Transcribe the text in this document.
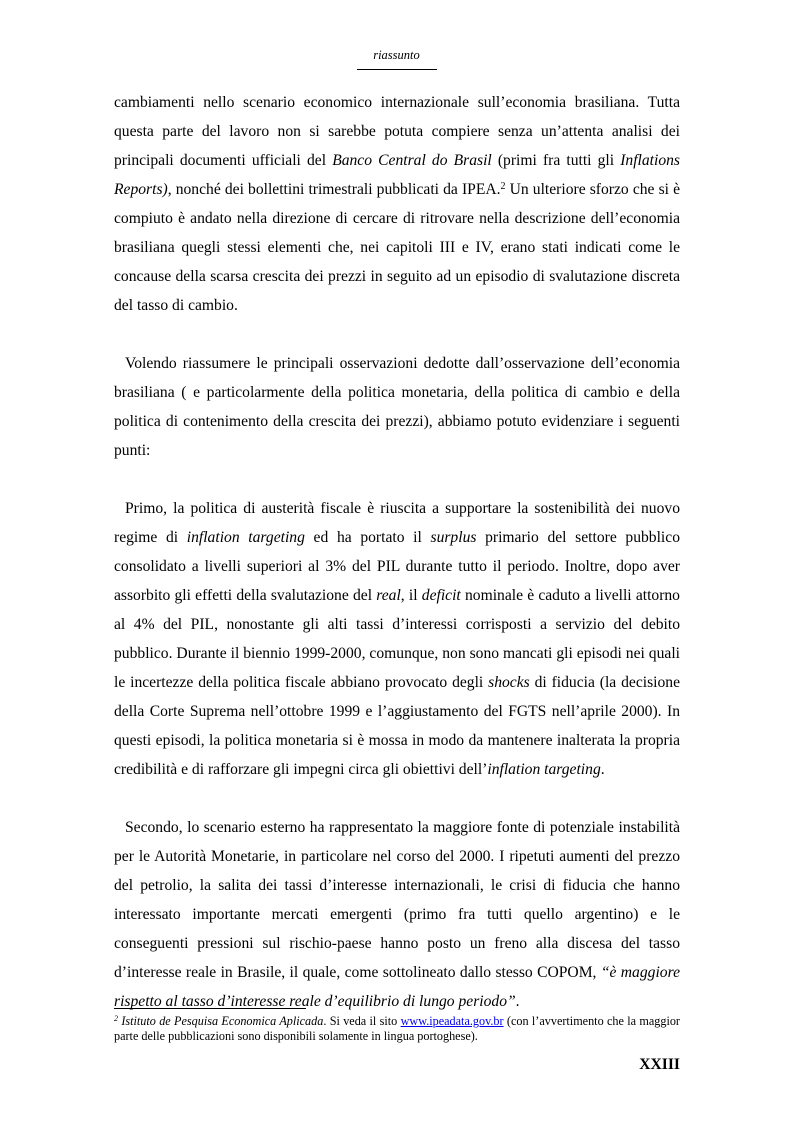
riassunto

cambiamenti nello scenario economico internazionale sull’economia brasiliana. Tutta questa parte del lavoro non si sarebbe potuta compiere senza un’attenta analisi dei principali documenti ufficiali del Banco Central do Brasil (primi fra tutti gli Inflations Reports), nonché dei bollettini trimestrali pubblicati da IPEA.$^2$ Un ulteriore sforzo che si è compiuto è andato nella direzione di cercare di ritrovare nella descrizione dell’economia brasiliana quegli stessi elementi che, nei capitoli III e IV, erano stati indicati come le concause della scarsa crescita dei prezzi in seguito ad un episodio di svalutazione discreta del tasso di cambio.

Volendo riassumere le principali osservazioni dedotte dall’osservazione dell’economia brasiliana ( e particolarmente della politica monetaria, della politica di cambio e della politica di contenimento della crescita dei prezzi), abbiamo potuto evidenziare i seguenti punti:

Primo, la politica di austerità fiscale è riuscita a supportare la sostenibilità dei nuovo regime di inflation targeting ed ha portato il surplus primario del settore pubblico consolidato a livelli superiori al 3% del PIL durante tutto il periodo. Inoltre, dopo aver assorbito gli effetti della svalutazione del real, il deficit nominale è caduto a livelli attorno al 4% del PIL, nonostante gli alti tassi d’interessi corrisposti a servizio del debito pubblico. Durante il biennio 1999-2000, comunque, non sono mancati gli episodi nei quali le incertezze della politica fiscale abbiano provocato degli shocks di fiducia (la decisione della Corte Suprema nell’ottobre 1999 e l’aggiustamento del FGTS nell’aprile 2000). In questi episodi, la politica monetaria si è mossa in modo da mantenere inalterata la propria credibilità e di rafforzare gli impegni circa gli obiettivi dell’inflation targeting.

Secondo, lo scenario esterno ha rappresentato la maggiore fonte di potenziale instabilità per le Autorità Monetarie, in particolare nel corso del 2000. I ripetuti aumenti del prezzo del petrolio, la salita dei tassi d’interesse internazionali, le crisi di fiducia che hanno interessato importante mercati emergenti (primo fra tutti quello argentino) e le conseguenti pressioni sul rischio-paese hanno posto un freno alla discesa del tasso d’interesse reale in Brasile, il quale, come sottolineato dallo stesso COPOM, “è maggiore rispetto al tasso d’interesse reale d’equilibrio di lungo periodo”.

$^2$ Istituto de Pesquisa Economica Aplicada. Si veda il sito www.ipeadata.gov.br (con l’avvertimento che la maggior parte delle pubblicazioni sono disponibili solamente in lingua portoghese).
XXIII
